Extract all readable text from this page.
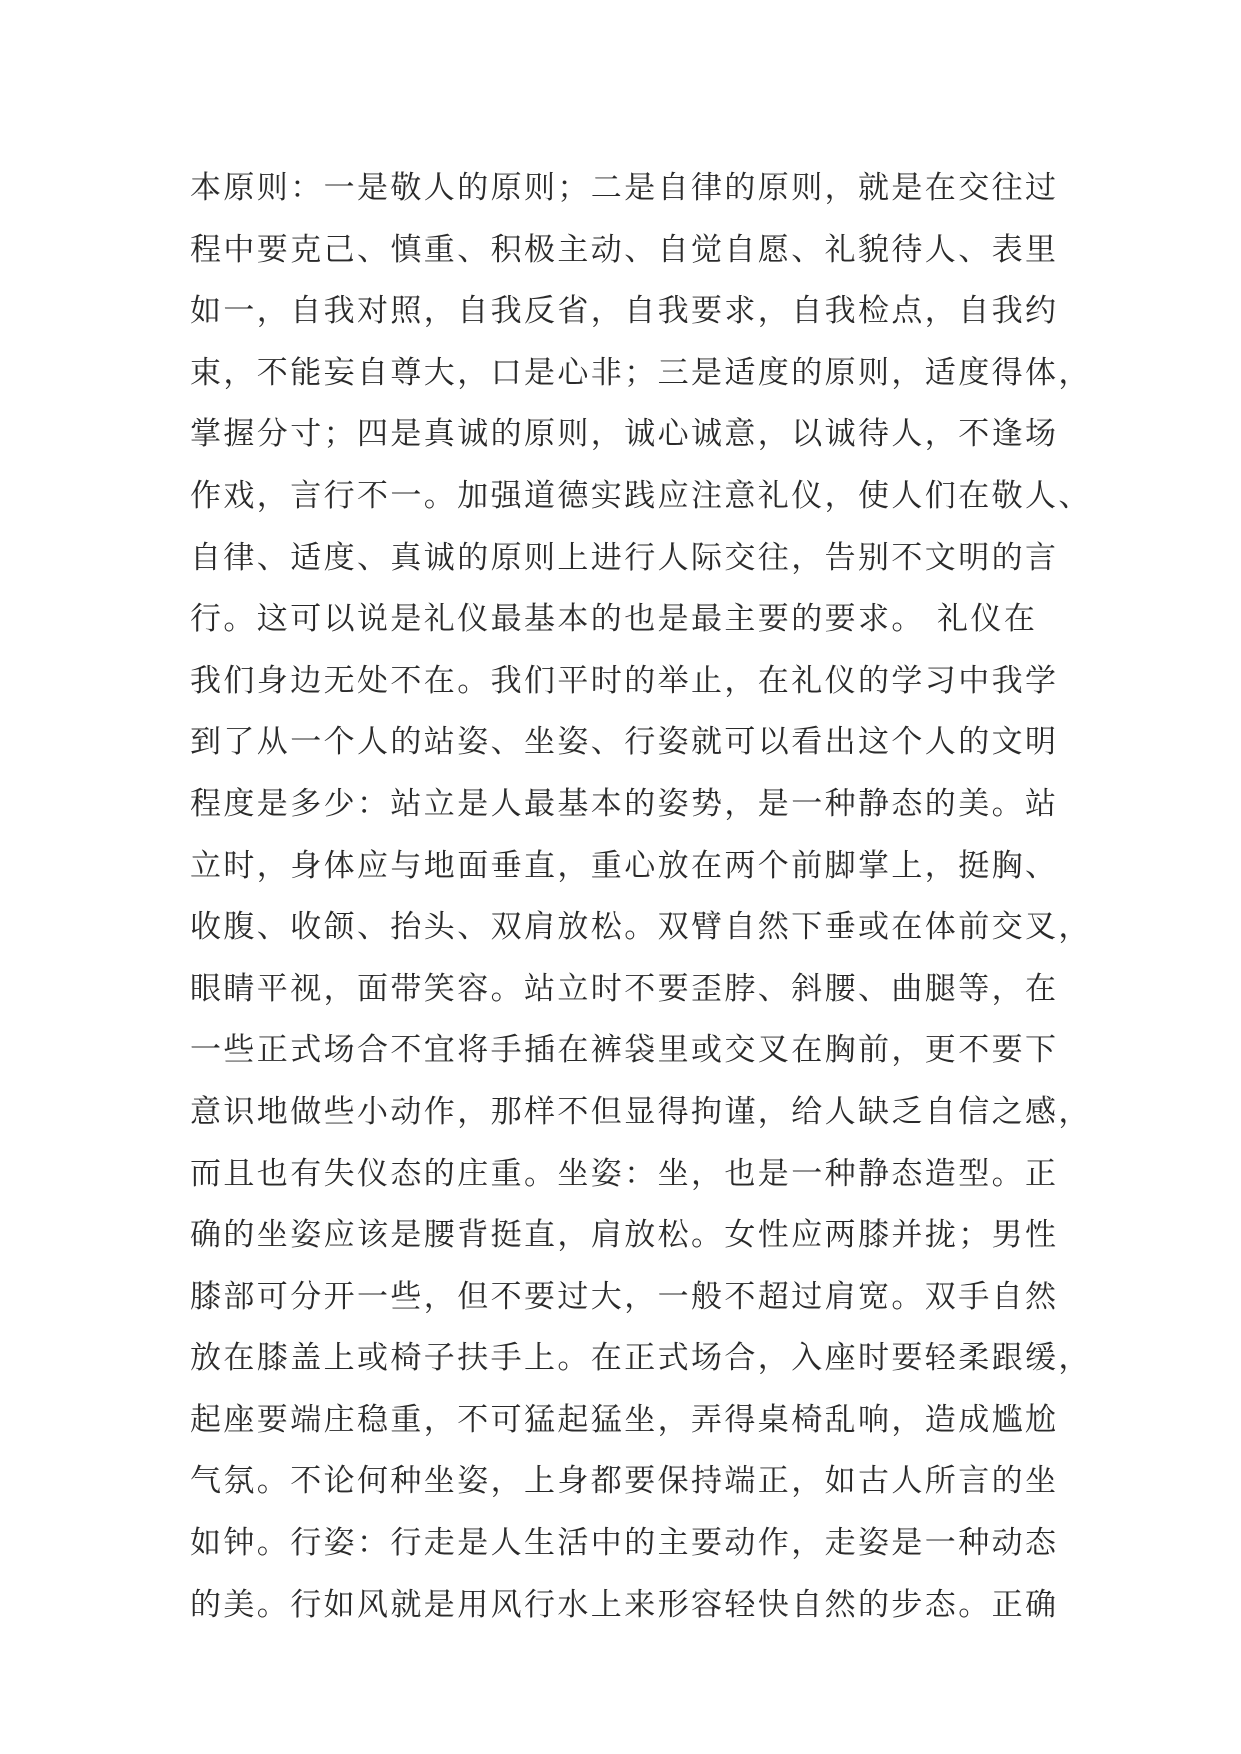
本原则：一是敬人的原则；二是自律的原则，就是在交往过
程中要克己、慎重、积极主动、自觉自愿、礼貌待人、表里
如一，自我对照，自我反省，自我要求，自我检点，自我约
束，不能妄自尊大，口是心非；三是适度的原则，适度得体，
掌握分寸；四是真诚的原则，诚心诚意，以诚待人，不逢场
作戏，言行不一。加强道德实践应注意礼仪，使人们在敬人、
自律、适度、真诚的原则上进行人际交往，告别不文明的言
行。这可以说是礼仪最基本的也是最主要的要求。 礼仪在
我们身边无处不在。我们平时的举止，在礼仪的学习中我学
到了从一个人的站姿、坐姿、行姿就可以看出这个人的文明
程度是多少：站立是人最基本的姿势，是一种静态的美。站
立时，身体应与地面垂直，重心放在两个前脚掌上，挺胸、
收腹、收颌、抬头、双肩放松。双臂自然下垂或在体前交叉，
眼睛平视，面带笑容。站立时不要歪脖、斜腰、曲腿等，在
一些正式场合不宜将手插在裤袋里或交叉在胸前，更不要下
意识地做些小动作，那样不但显得拘谨，给人缺乏自信之感，
而且也有失仪态的庄重。坐姿：坐，也是一种静态造型。正
确的坐姿应该是腰背挺直，肩放松。女性应两膝并拢；男性
膝部可分开一些，但不要过大，一般不超过肩宽。双手自然
放在膝盖上或椅子扶手上。在正式场合，入座时要轻柔跟缓，
起座要端庄稳重，不可猛起猛坐，弄得桌椅乱响，造成尴尬
气氛。不论何种坐姿，上身都要保持端正，如古人所言的坐
如钟。行姿：行走是人生活中的主要动作，走姿是一种动态
的美。行如风就是用风行水上来形容轻快自然的步态。正确
